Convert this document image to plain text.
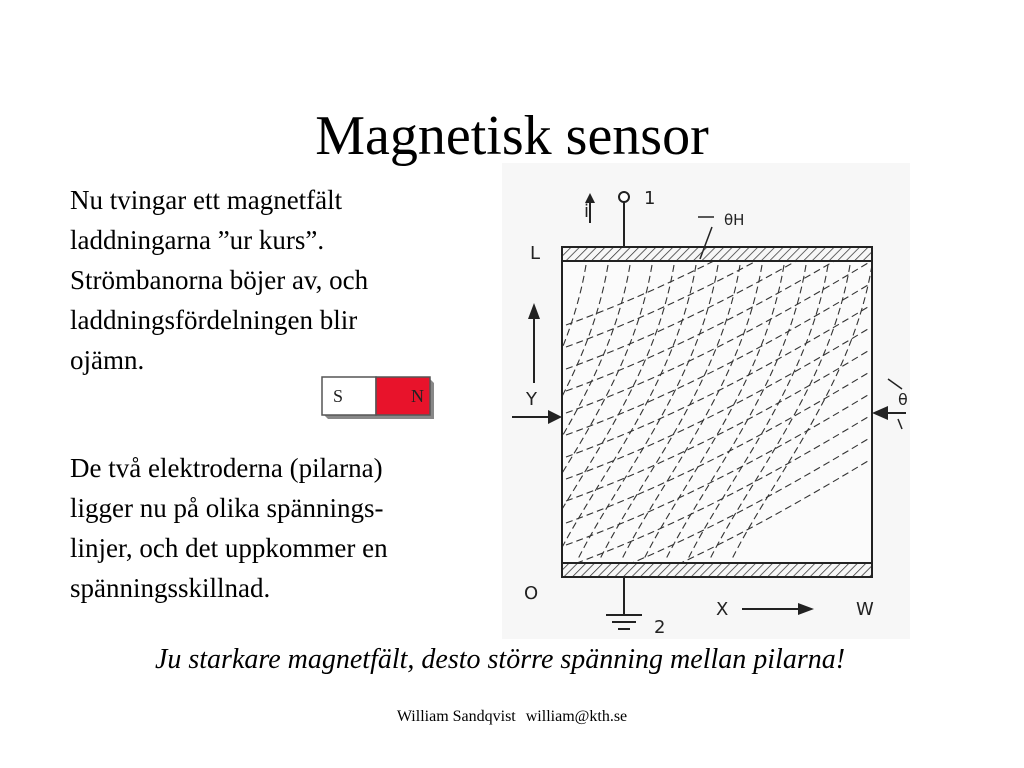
Magnetisk sensor
Nu tvingar ett magnetfält
laddningarna ”ur kurs”.
Strömbanorna böjer av, och
laddningsfördelningen blir
ojämn.
S	N
De två elektroderna (pilarna)
ligger nu på olika spännings-
linjer, och det uppkommer en
spänningsskillnad.
i
1
θH
L
Y	θ
2
O
X	W
Ju starkare magnetfält, desto större spänning mellan pilarna!
William Sandqvist william@kth.se
